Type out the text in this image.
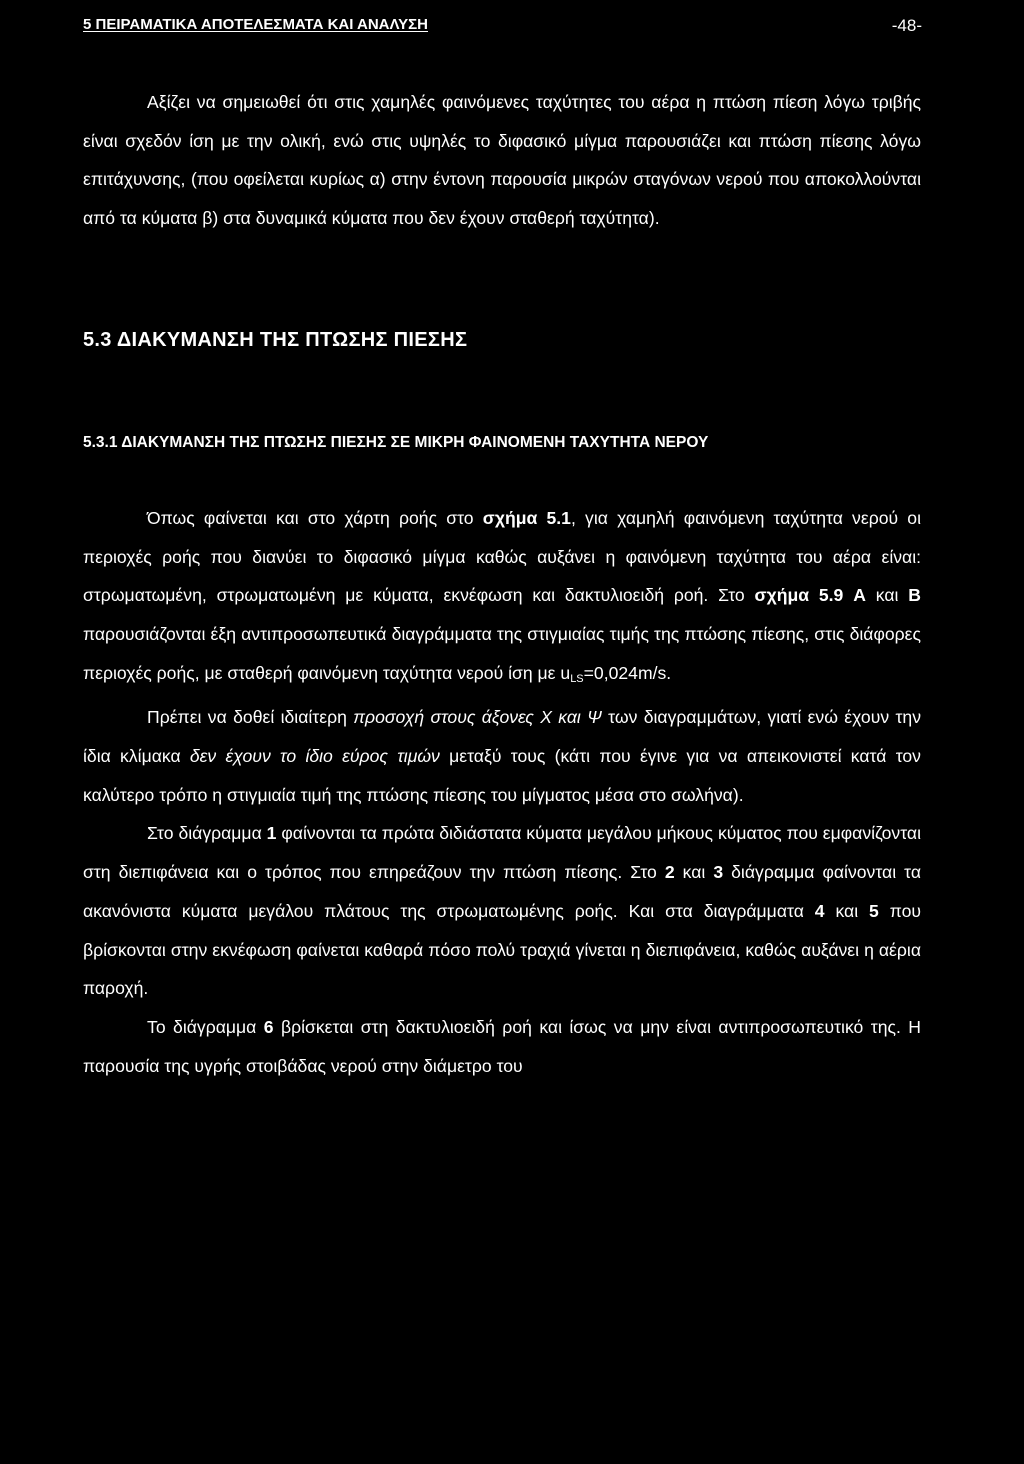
5 ΠΕΙΡΑΜΑΤΙΚΑ ΑΠΟΤΕΛΕΣΜΑΤΑ ΚΑΙ ΑΝΑΛΥΣΗ	-48-

Αξίζει να σημειωθεί ότι στις χαμηλές φαινόμενες ταχύτητες του αέρα η πτώση πίεση λόγω τριβής είναι σχεδόν ίση με την ολική, ενώ στις υψηλές το διφασικό μίγμα παρουσιάζει και πτώση πίεσης λόγω επιτάχυνσης, (που οφείλεται κυρίως α) στην έντονη παρουσία μικρών σταγόνων νερού που αποκολλούνται από τα κύματα β) στα δυναμικά κύματα που δεν έχουν σταθερή ταχύτητα).

5.3 ΔΙΑΚΥΜΑΝΣΗ ΤΗΣ ΠΤΩΣΗΣ ΠΙΕΣΗΣ
5.3.1 ΔΙΑΚΥΜΑΝΣΗ ΤΗΣ ΠΤΩΣΗΣ ΠΙΕΣΗΣ ΣΕ ΜΙΚΡΗ ΦΑΙΝΟΜΕΝΗ ΤΑΧΥΤΗΤΑ ΝΕΡΟΥ

Όπως φαίνεται και στο χάρτη ροής στο σχήμα 5.1, για χαμηλή φαινόμενη ταχύτητα νερού οι περιοχές ροής που διανύει το διφασικό μίγμα καθώς αυξάνει η φαινόμενη ταχύτητα του αέρα είναι: στρωματωμένη, στρωματωμένη με κύματα, εκνέφωση και δακτυλιοειδή ροή. Στο σχήμα 5.9 Α και Β παρουσιάζονται έξη αντιπροσωπευτικά διαγράμματα της στιγμιαίας τιμής της πτώσης πίεσης, στις διάφορες περιοχές ροής, με σταθερή φαινόμενη ταχύτητα νερού ίση με $u_{LS}=0,024m/s$.

Πρέπει να δοθεί ιδιαίτερη προσοχή στους άξονες X και Ψ των διαγραμμάτων, γιατί ενώ έχουν την ίδια κλίμακα δεν έχουν το ίδιο εύρος τιμών μεταξύ τους (κάτι που έγινε για να απεικονιστεί κατά τον καλύτερο τρόπο η στιγμιαία τιμή της πτώσης πίεσης του μίγματος μέσα στο σωλήνα).

Στο διάγραμμα 1 φαίνονται τα πρώτα διδιάστατα κύματα μεγάλου μήκους κύματος που εμφανίζονται στη διεπιφάνεια και ο τρόπος που επηρεάζουν την πτώση πίεσης. Στο 2 και 3 διάγραμμα φαίνονται τα ακανόνιστα κύματα μεγάλου πλάτους της στρωματωμένης ροής. Και στα διαγράμματα 4 και 5 που βρίσκονται στην εκνέφωση φαίνεται καθαρά πόσο πολύ τραχιά γίνεται η διεπιφάνεια, καθώς αυξάνει η αέρια παροχή.

Το διάγραμμα 6 βρίσκεται στη δακτυλιοειδή ροή και ίσως να μην είναι αντιπροσωπευτικό της. Η παρουσία της υγρής στοιβάδας νερού στην διάμετρο του
